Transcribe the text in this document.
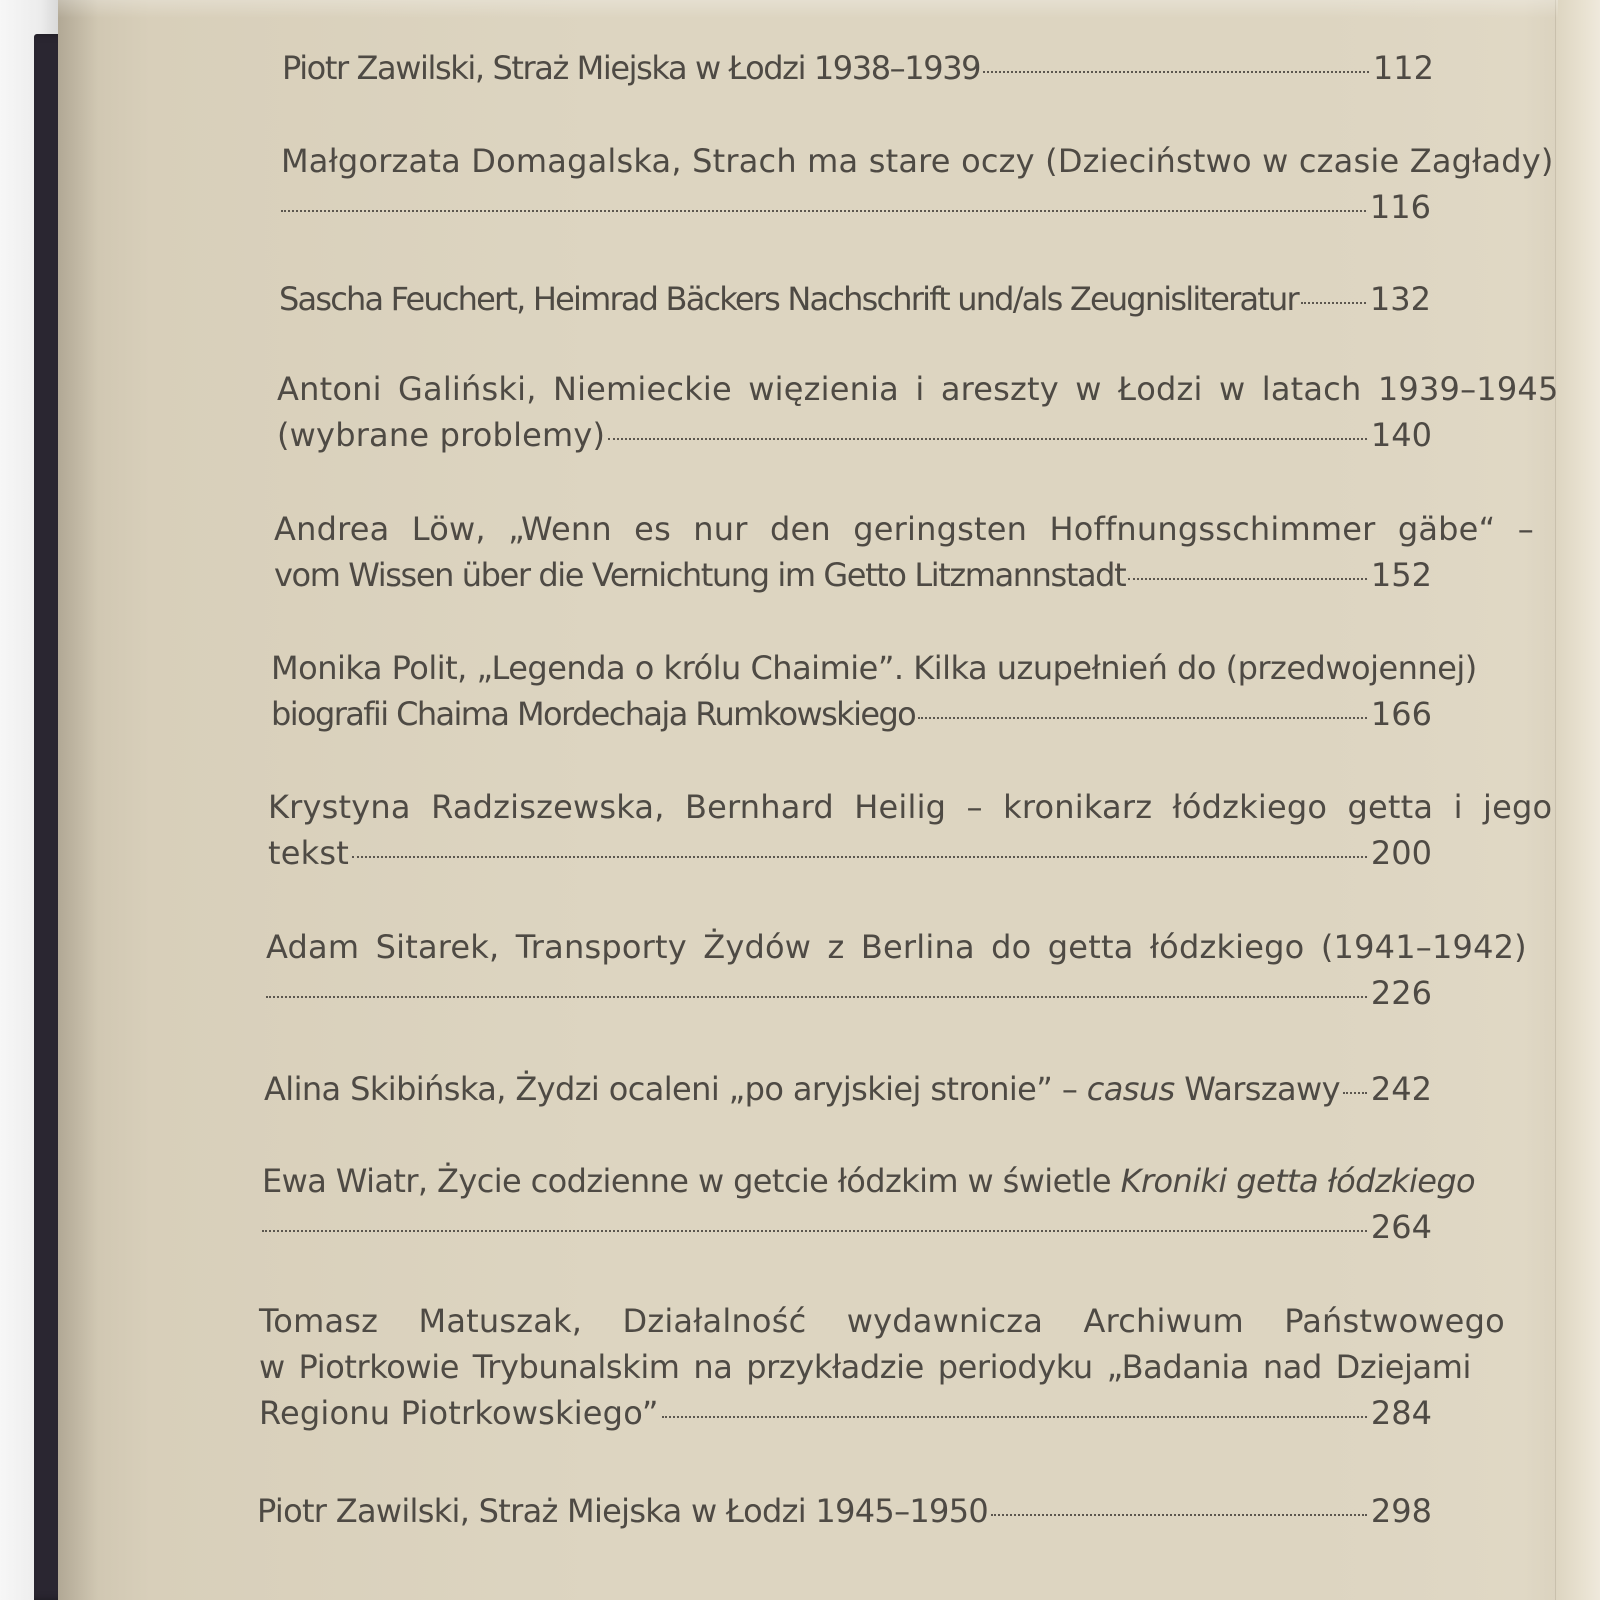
Piotr Zawilski, Straż Miejska w Łodzi 1938–1939	112
Małgorzata Domagalska, Strach ma stare oczy (Dzieciństwo w czasie Zagłady)
116
Sascha Feuchert, Heimrad Bäckers Nachschrift und/als Zeugnisliteratur 132
Antoni Galiński, Niemieckie więzienia i areszty w Łodzi w latach 1939–1945
(wybrane problemy)	140
Andrea Löw, „Wenn es nur den geringsten Hoffnungsschimmer gäbe“ –
vom Wissen über die Vernichtung im Getto Litzmannstadt	152
Monika Polit, „Legenda o królu Chaimie”. Kilka uzupełnień do (przedwojennej)
biografii Chaima Mordechaja Rumkowskiego	166
Krystyna Radziszewska, Bernhard Heilig – kronikarz łódzkiego getta i jego
tekst	200
Adam Sitarek, Transporty Żydów z Berlina do getta łódzkiego (1941–1942)
226
Alina Skibińska, Żydzi ocaleni „po aryjskiej stronie” – casus Warszawy 242
Ewa Wiatr, Życie codzienne w getcie łódzkim w świetle Kroniki getta łódzkiego
264
Tomasz Matuszak, Działalność wydawnicza Archiwum Państwowego
w Piotrkowie Trybunalskim na przykładzie periodyku „Badania nad Dziejami
Regionu Piotrkowskiego”	284
Piotr Zawilski, Straż Miejska w Łodzi 1945–1950	298
